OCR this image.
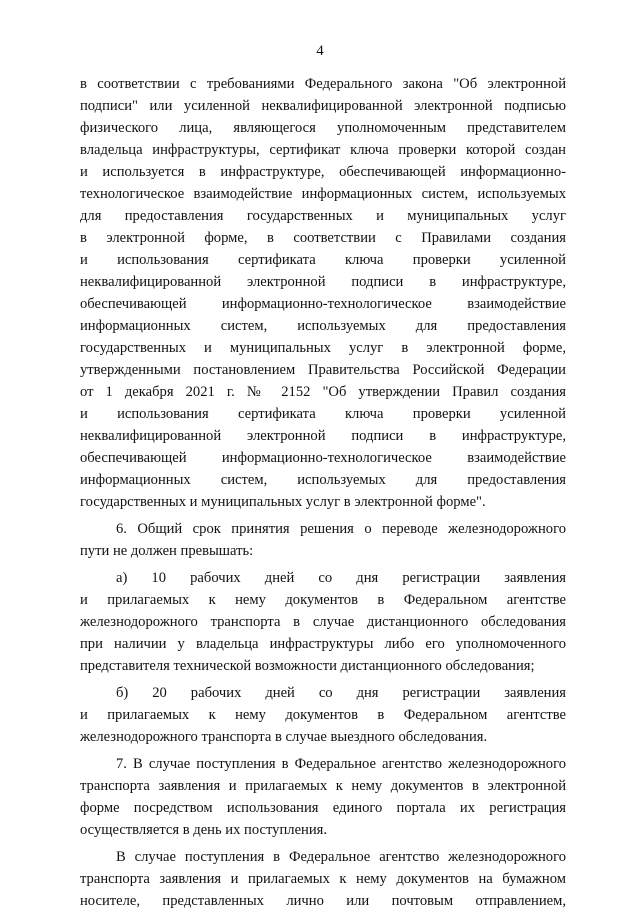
4
в соответствии с требованиями Федерального закона "Об электронной
подписи" или усиленной неквалифицированной электронной подписью
физического лица, являющегося уполномоченным представителем
владельца инфраструктуры, сертификат ключа проверки которой создан
и используется в инфраструктуре, обеспечивающей информационно-
технологическое взаимодействие информационных систем, используемых
для предоставления государственных и муниципальных услуг
в электронной форме, в соответствии с Правилами создания
и использования сертификата ключа проверки усиленной
неквалифицированной электронной подписи в инфраструктуре,
обеспечивающей информационно-технологическое взаимодействие
информационных систем, используемых для предоставления
государственных и муниципальных услуг в электронной форме,
утвержденными постановлением Правительства Российской Федерации
от 1 декабря 2021 г. № 2152 "Об утверждении Правил создания
и использования сертификата ключа проверки усиленной
неквалифицированной электронной подписи в инфраструктуре,
обеспечивающей информационно-технологическое взаимодействие
информационных систем, используемых для предоставления
государственных и муниципальных услуг в электронной форме".
6. Общий срок принятия решения о переводе железнодорожного
пути не должен превышать:
а) 10 рабочих дней со дня регистрации заявления
и прилагаемых к нему документов в Федеральном агентстве
железнодорожного транспорта в случае дистанционного обследования
при наличии у владельца инфраструктуры либо его уполномоченного
представителя технической возможности дистанционного обследования;
б) 20 рабочих дней со дня регистрации заявления
и прилагаемых к нему документов в Федеральном агентстве
железнодорожного транспорта в случае выездного обследования.
7. В случае поступления в Федеральное агентство железнодорожного
транспорта заявления и прилагаемых к нему документов в электронной
форме посредством использования единого портала их регистрация
осуществляется в день их поступления.
В случае поступления в Федеральное агентство железнодорожного
транспорта заявления и прилагаемых к нему документов на бумажном
носителе, представленных лично или почтовым отправлением,
